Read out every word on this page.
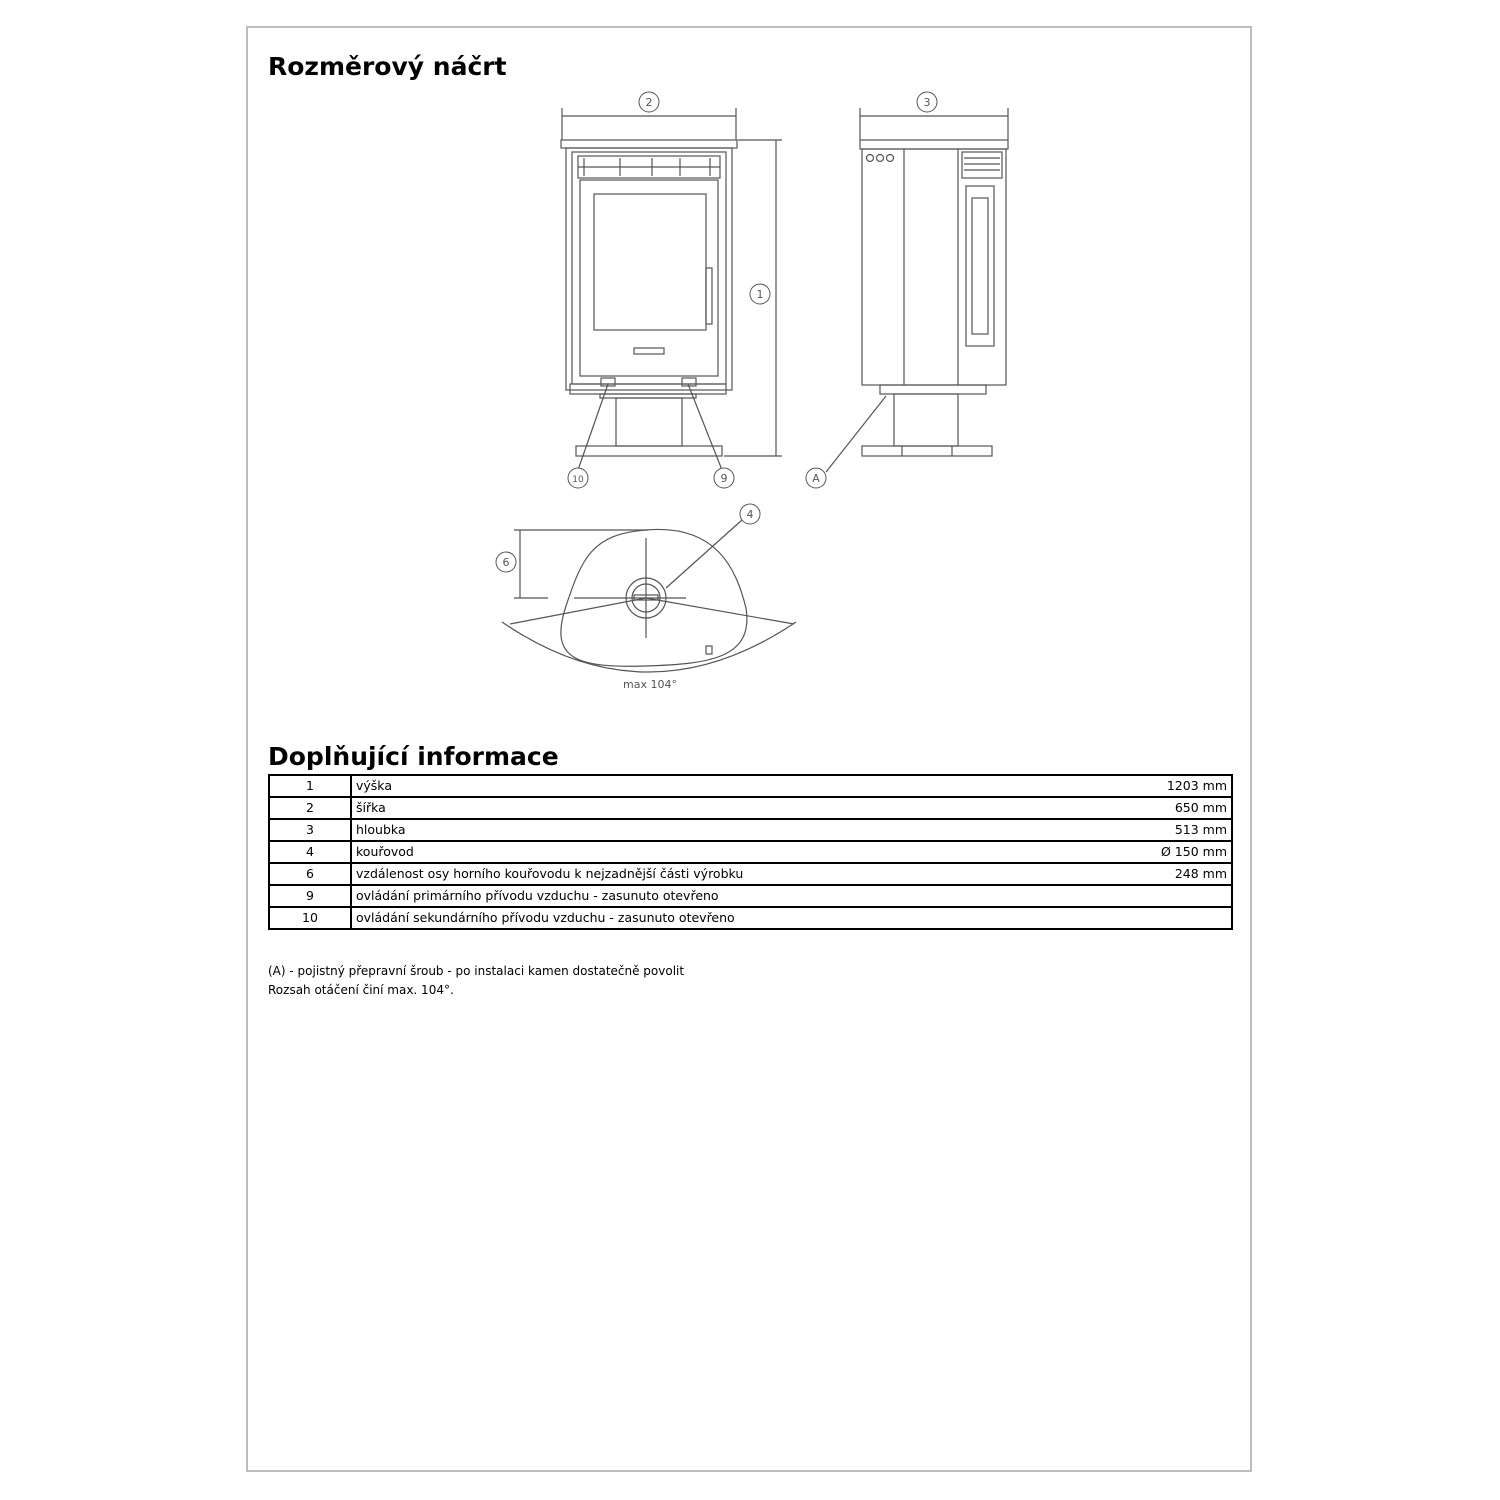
Rozměrový náčrt
2	3
1
10	9	A
4
6
max 104°
Doplňující informace
1	výška	1203 mm
2	šířka	650 mm
3	hloubka	513 mm
4	kouřovod	Ø 150 mm
6	vzdálenost osy horního kouřovodu k nejzadnější části výrobku	248 mm
9	ovládání primárního přívodu vzduchu - zasunuto otevřeno	
10	ovládání sekundárního přívodu vzduchu - zasunuto otevřeno	
(A) - pojistný přepravní šroub - po instalaci kamen dostatečně povolit
Rozsah otáčení činí max. 104°.
